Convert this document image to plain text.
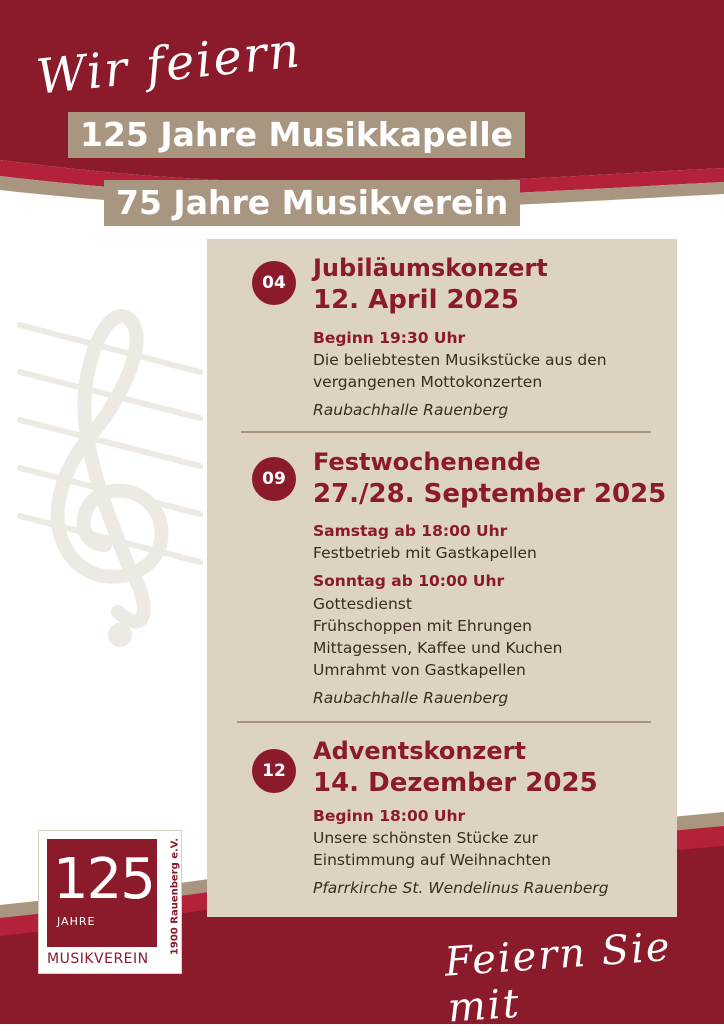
Wir feiern
125 Jahre Musikkapelle
75 Jahre Musikverein
04
Jubiläumskonzert
12. April 2025
Beginn 19:30 Uhr
Die beliebtesten Musikstücke aus den
vergangenen Mottokonzerten
Raubachhalle Rauenberg
09
Festwochenende
27./28. September 2025
Samstag ab 18:00 Uhr
Festbetrieb mit Gastkapellen
Sonntag ab 10:00 Uhr
Gottesdienst
Frühschoppen mit Ehrungen
Mittagessen, Kaffee und Kuchen
Umrahmt von Gastkapellen
Raubachhalle Rauenberg
12
Adventskonzert
14. Dezember 2025
Beginn 18:00 Uhr
Unsere schönsten Stücke zur
Einstimmung auf Weihnachten
Pfarrkirche St. Wendelinus Rauenberg
125
JAHRE
MUSIKVEREIN
1900 Rauenberg e.V.	Feiern Sie mit
